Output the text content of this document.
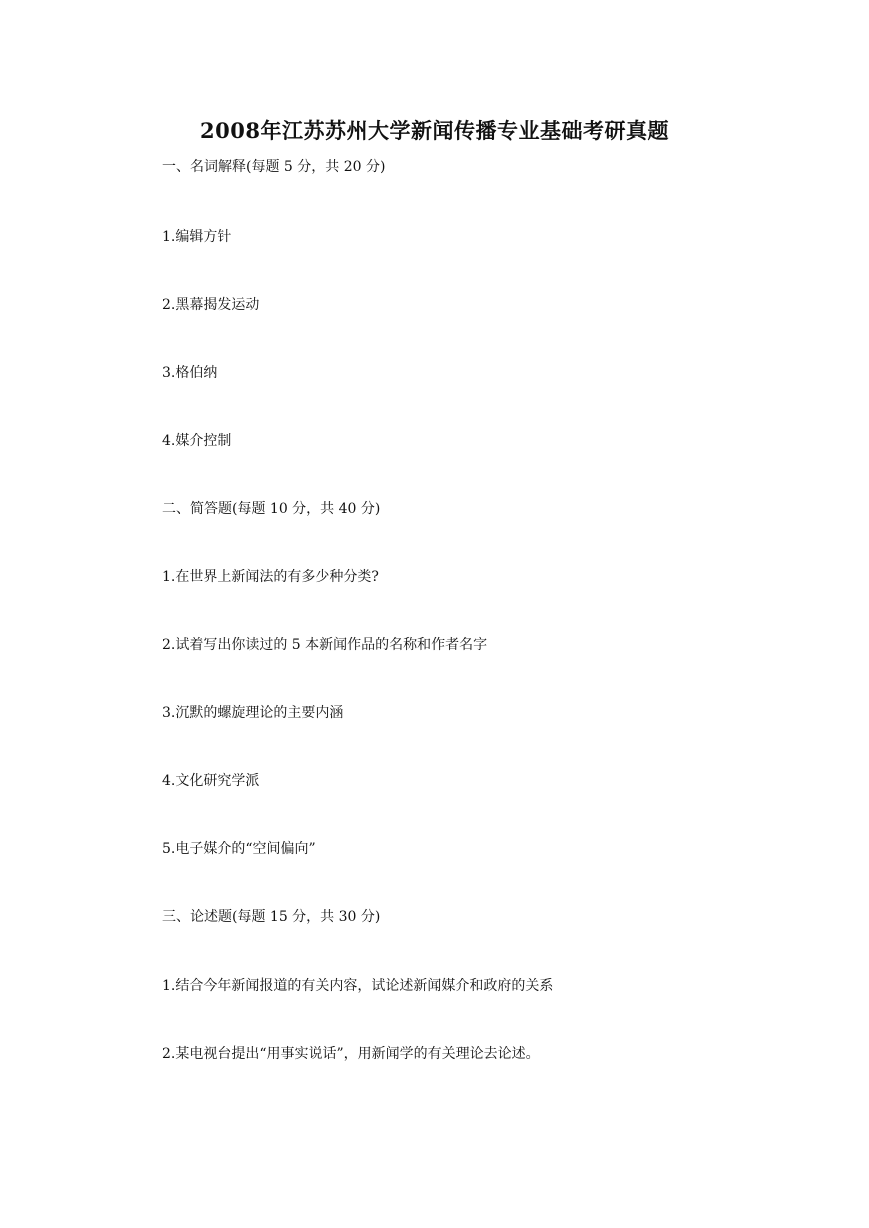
2008年江苏苏州大学新闻传播专业基础考研真题
一、名词解释(每题 5 分，共 20 分)
1.编辑方针
2.黑幕揭发运动
3.格伯纳
4.媒介控制
二、简答题(每题 10 分，共 40 分)
1.在世界上新闻法的有多少种分类?
2.试着写出你读过的 5 本新闻作品的名称和作者名字
3.沉默的螺旋理论的主要内涵
4.文化研究学派
5.电子媒介的“空间偏向”
三、论述题(每题 15 分，共 30 分)
1.结合今年新闻报道的有关内容，试论述新闻媒介和政府的关系
2.某电视台提出“用事实说话”，用新闻学的有关理论去论述。
